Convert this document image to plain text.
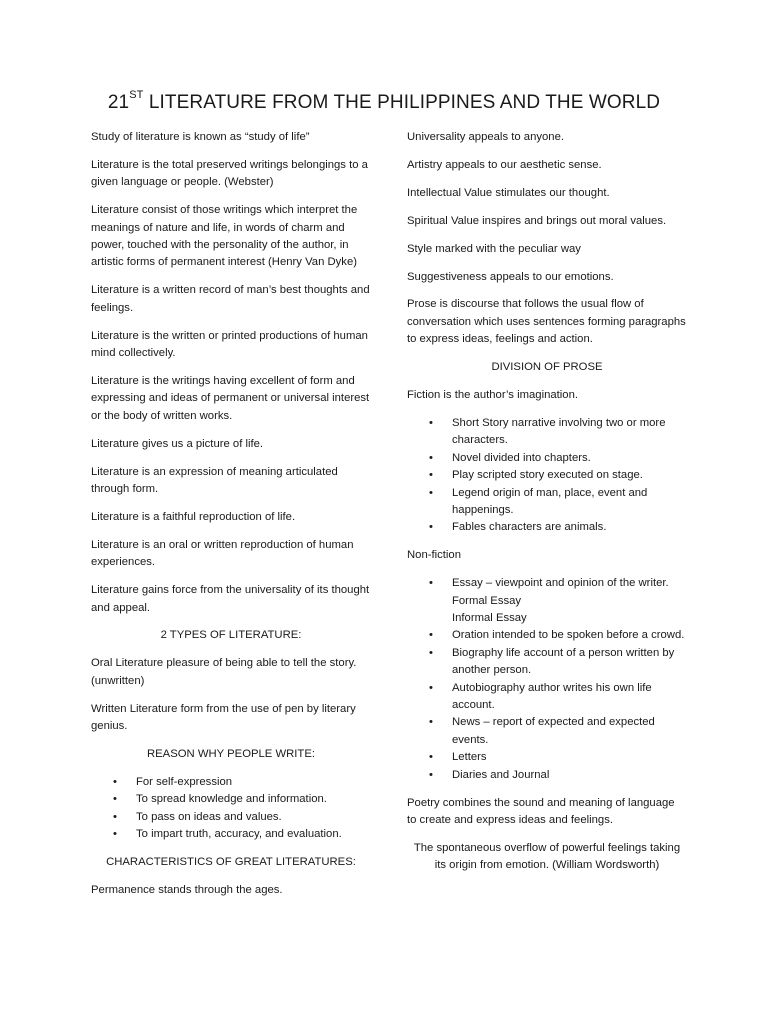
21ST LITERATURE FROM THE PHILIPPINES AND THE WORLD

Study of literature is known as “study of life”

Literature is the total preserved writings belongings to a given language or people. (Webster)

Literature consist of those writings which interpret the meanings of nature and life, in words of charm and power, touched with the personality of the author, in artistic forms of permanent interest (Henry Van Dyke)

Literature is a written record of man’s best thoughts and feelings.

Literature is the written or printed productions of human mind collectively.

Literature is the writings having excellent of form and expressing and ideas of permanent or universal interest or the body of written works.

Literature gives us a picture of life.

Literature is an expression of meaning articulated through form.

Literature is a faithful reproduction of life.

Literature is an oral or written reproduction of human experiences.

Literature gains force from the universality of its thought and appeal.

2 TYPES OF LITERATURE:

Oral Literature pleasure of being able to tell the story. (unwritten)

Written Literature form from the use of pen by literary genius.

REASON WHY PEOPLE WRITE:

• For self-expression
• To spread knowledge and information.
• To pass on ideas and values.
• To impart truth, accuracy, and evaluation.

CHARACTERISTICS OF GREAT LITERATURES:

Permanence stands through the ages.

Universality appeals to anyone.

Artistry appeals to our aesthetic sense.

Intellectual Value stimulates our thought.

Spiritual Value inspires and brings out moral values.

Style marked with the peculiar way

Suggestiveness appeals to our emotions.

Prose is discourse that follows the usual flow of conversation which uses sentences forming paragraphs to express ideas, feelings and action.

DIVISION OF PROSE

Fiction is the author’s imagination.

• Short Story narrative involving two or more characters.
• Novel divided into chapters.
• Play scripted story executed on stage.
• Legend origin of man, place, event and happenings.
• Fables characters are animals.

Non-fiction

• Essay – viewpoint and opinion of the writer.
Formal Essay
Informal Essay
• Oration intended to be spoken before a crowd.
• Biography life account of a person written by another person.
• Autobiography author writes his own life account.
• News – report of expected and expected events.
• Letters
• Diaries and Journal

Poetry combines the sound and meaning of language to create and express ideas and feelings.

The spontaneous overflow of powerful feelings taking its origin from emotion. (William Wordsworth)
